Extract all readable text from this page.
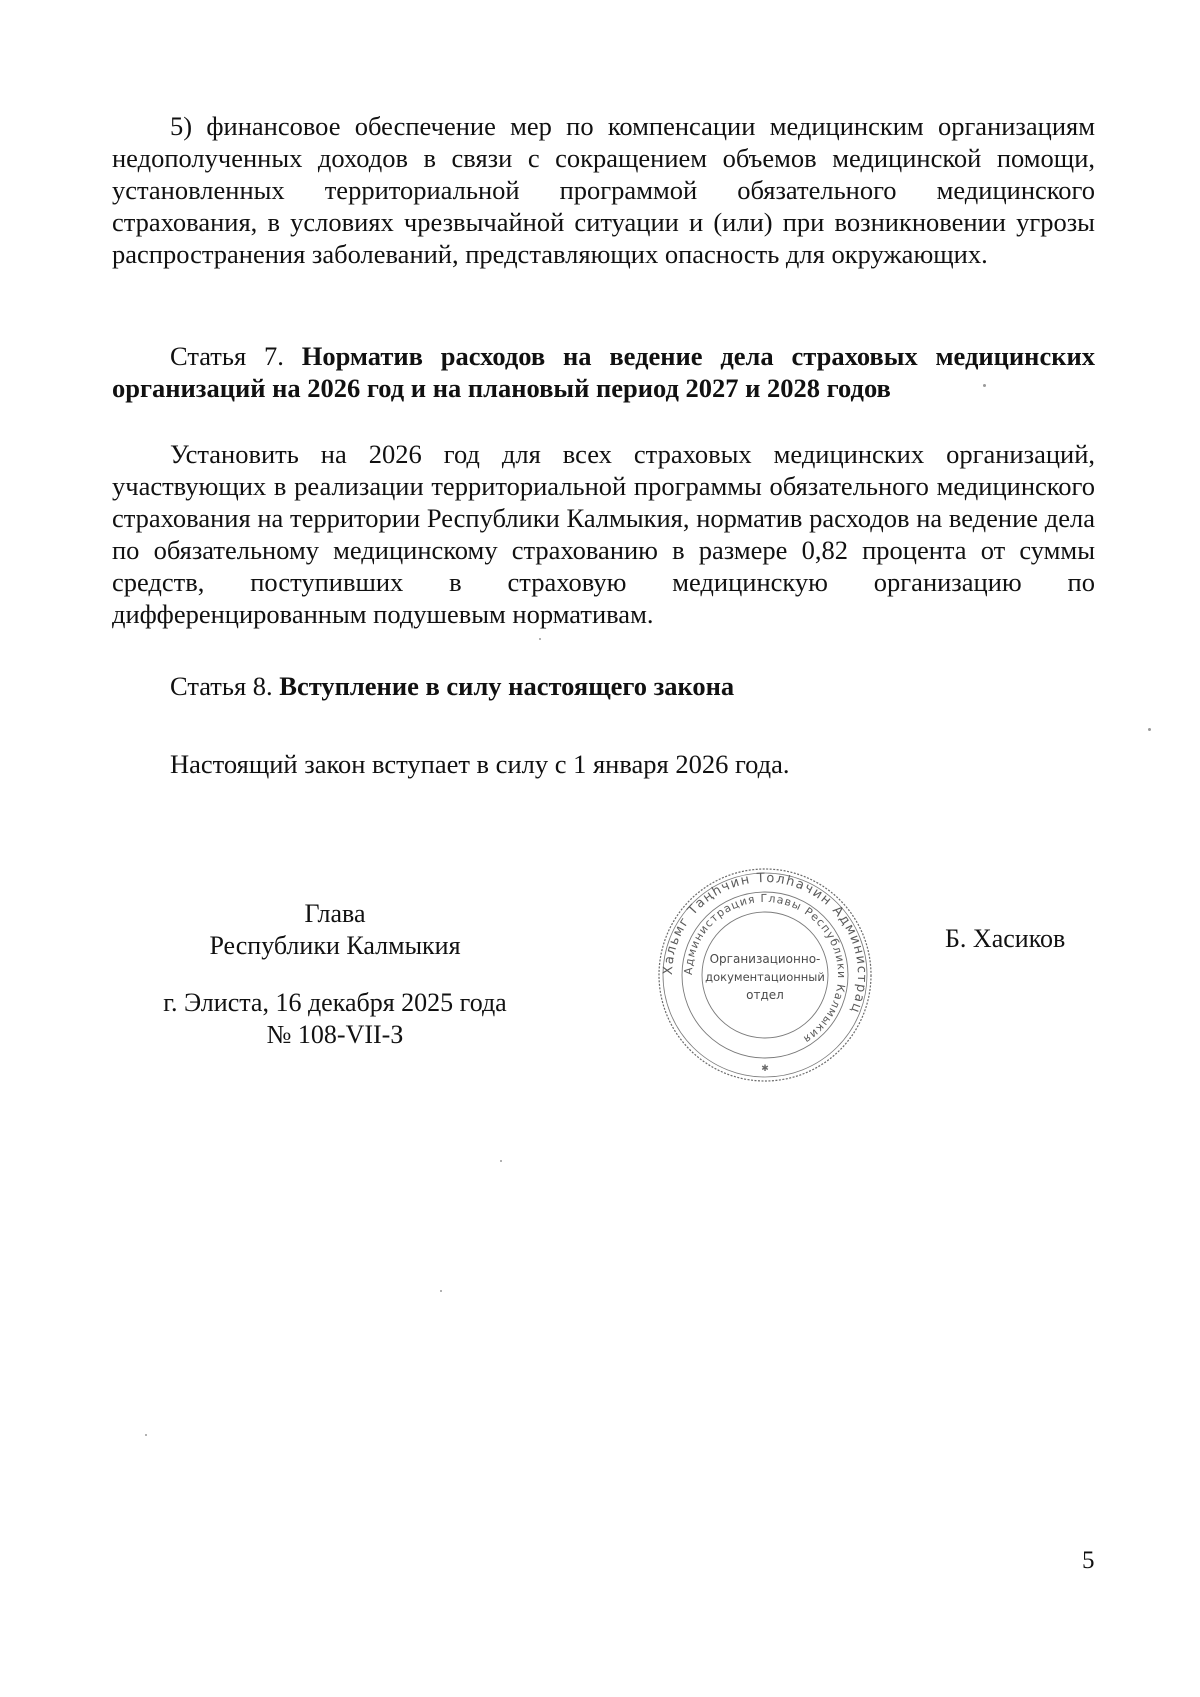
5) финансовое обеспечение мер по компенсации медицинским организациям недополученных доходов в связи с сокращением объемов медицинской помощи, установленных территориальной программой обязательного медицинского страхования, в условиях чрезвычайной ситуации и (или) при возникновении угрозы распространения заболеваний, представляющих опасность для окружающих.

Статья 7. Норматив расходов на ведение дела страховых медицинских организаций на 2026 год и на плановый период 2027 и 2028 годов

Установить на 2026 год для всех страховых медицинских организаций, участвующих в реализации территориальной программы обязательного медицинского страхования на территории Республики Калмыкия, норматив расходов на ведение дела по обязательному медицинскому страхованию в размере 0,82 процента от суммы средств, поступивших в страховую медицинскую организацию по дифференцированным подушевым нормативам.

Статья 8. Вступление в силу настоящего закона

Настоящий закон вступает в силу с 1 января 2026 года.

Глава
Республики Калмыкия
г. Элиста, 16 декабря 2025 года
№ 108-VII-З
Хальмг Таңһчин Толһачин Администрац
Администрация Главы Республики Калмыкия
Организационно-
документационный
отдел
✱
Б. Хасиков
5
